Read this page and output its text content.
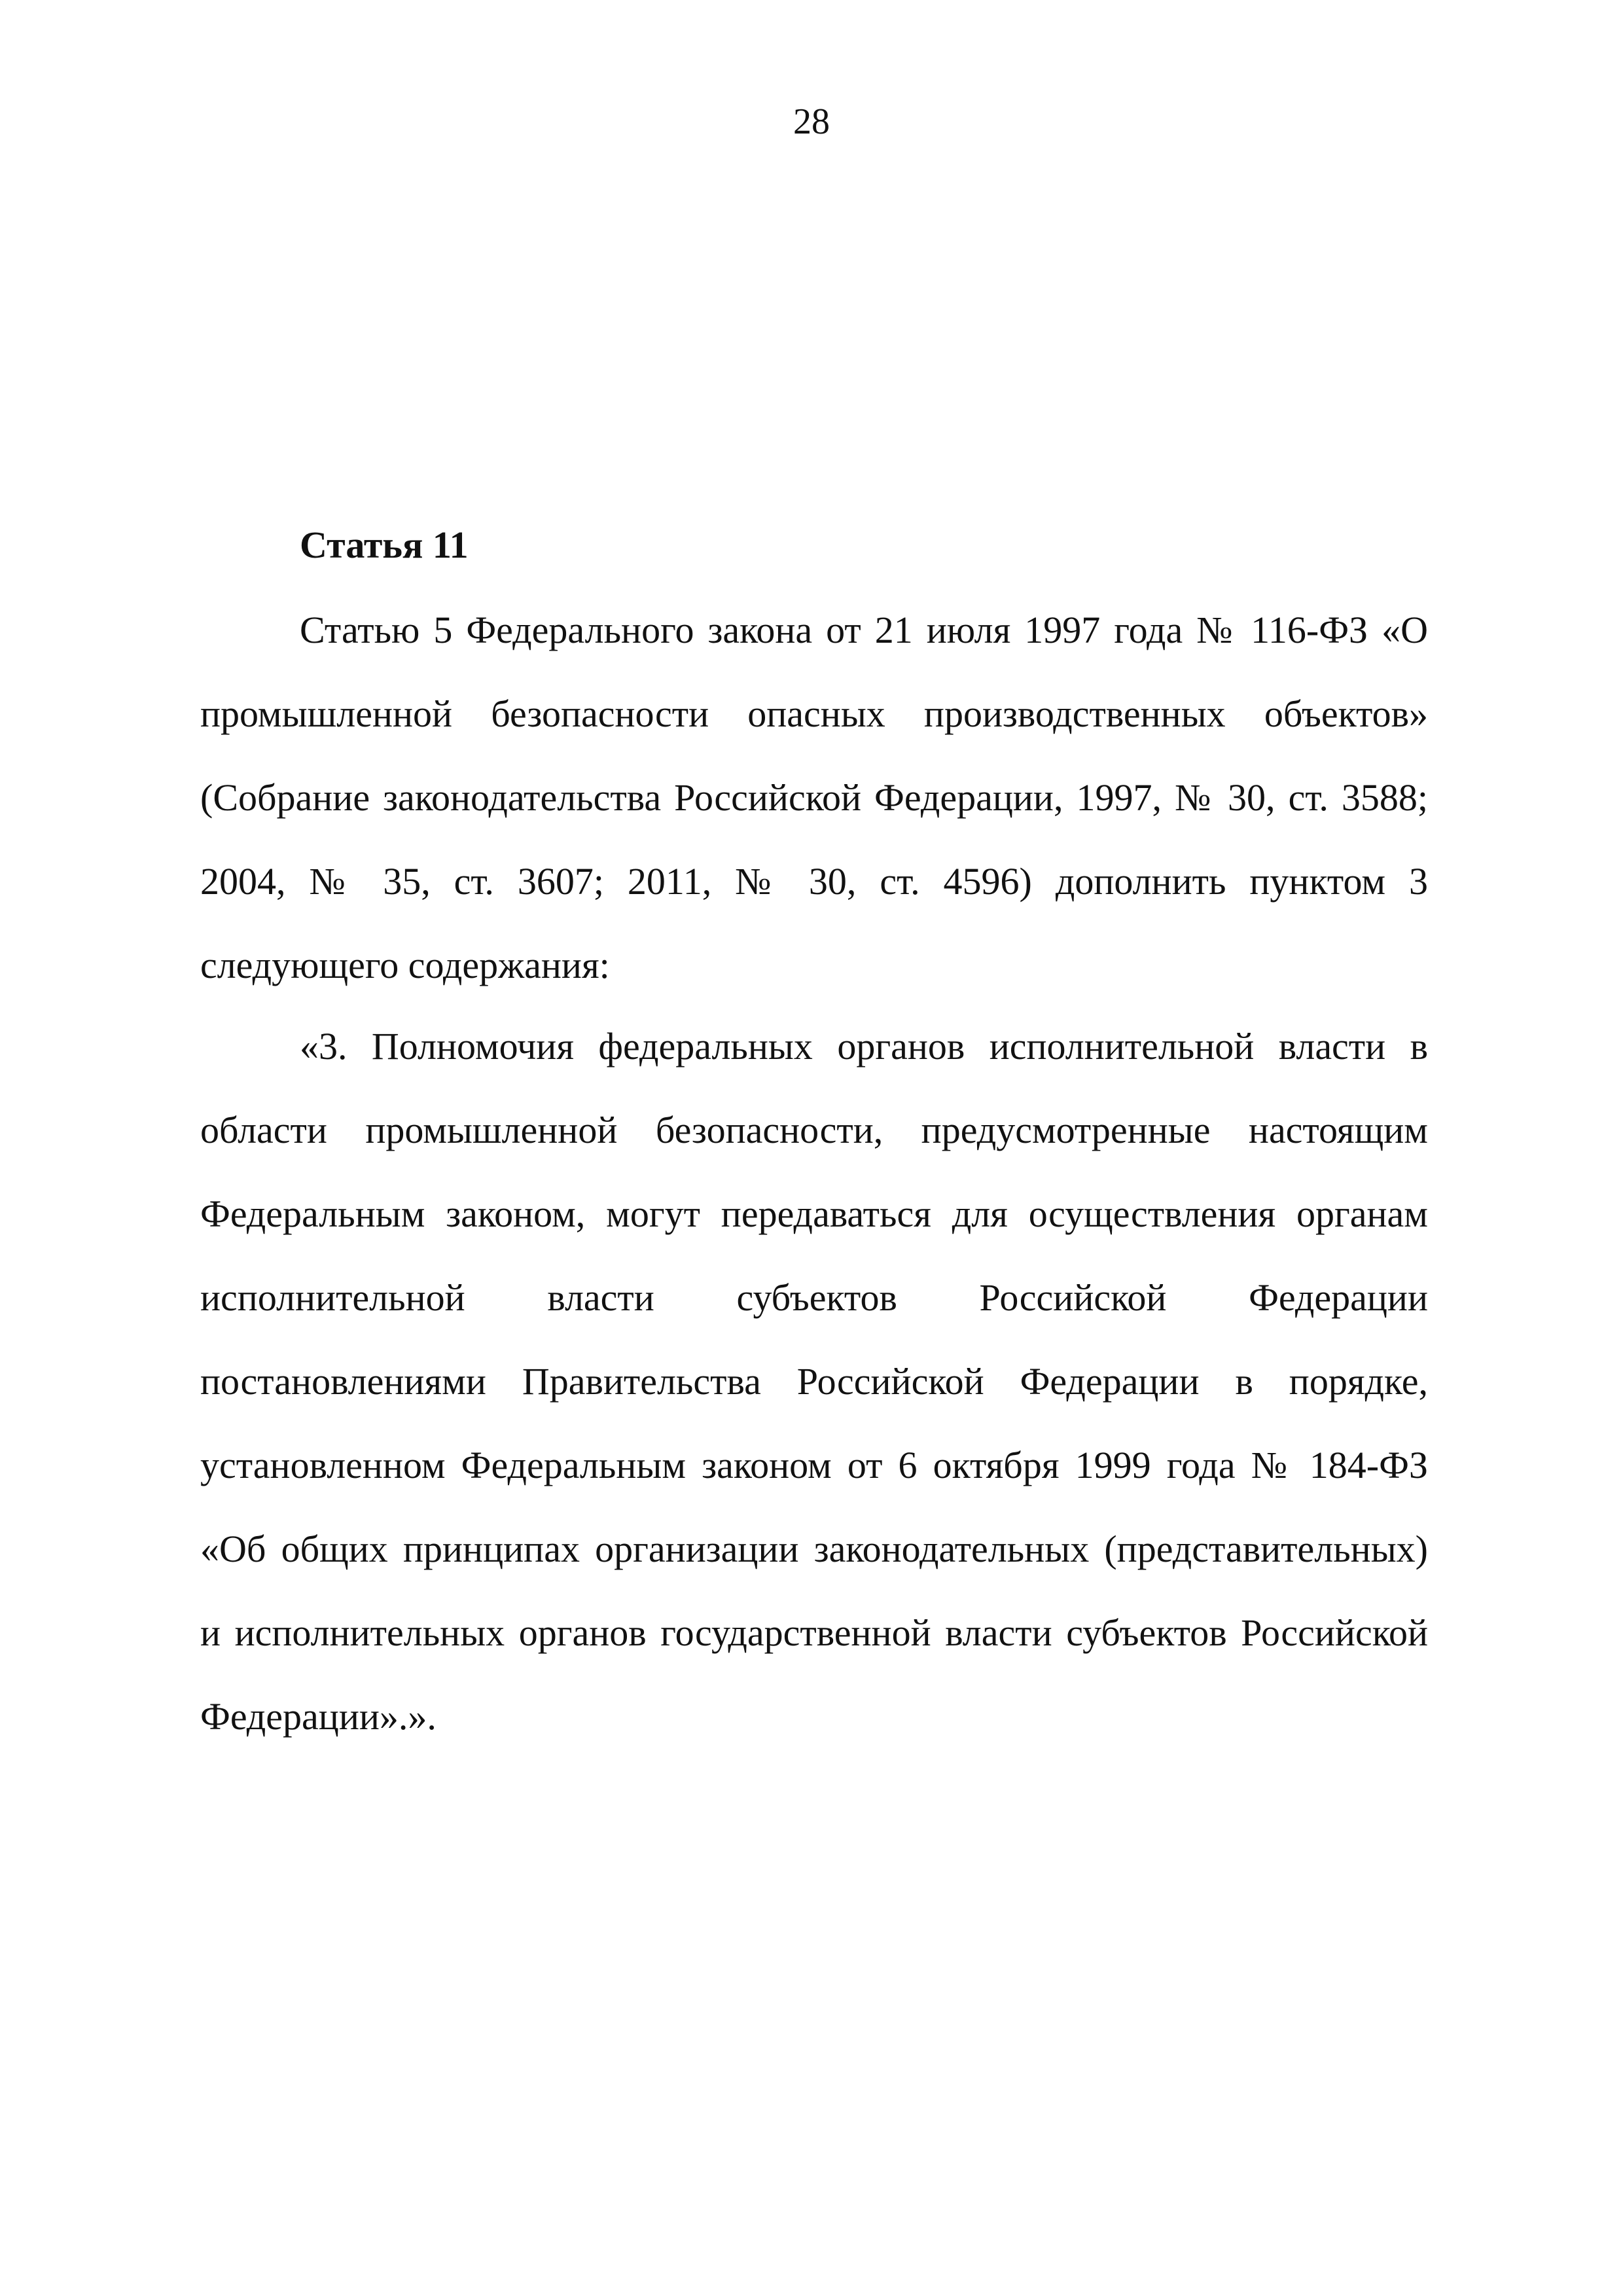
28
Статья 11

Статью 5 Федерального закона от 21 июля 1997 года № 116-ФЗ «О промышленной безопасности опасных производственных объектов» (Собрание законодательства Российской Федерации, 1997, № 30, ст. 3588; 2004, № 35, ст. 3607; 2011, № 30, ст. 4596) дополнить пунктом 3 следующего содержания:

«3. Полномочия федеральных органов исполнительной власти в области промышленной безопасности, предусмотренные настоящим Федеральным законом, могут передаваться для осуществления органам исполнительной власти субъектов Российской Федерации постановлениями Правительства Российской Федерации в порядке, установленном Федеральным законом от 6 октября 1999 года № 184-ФЗ «Об общих принципах организации законодательных (представительных) и исполнительных органов государственной власти субъектов Российской Федерации».».
